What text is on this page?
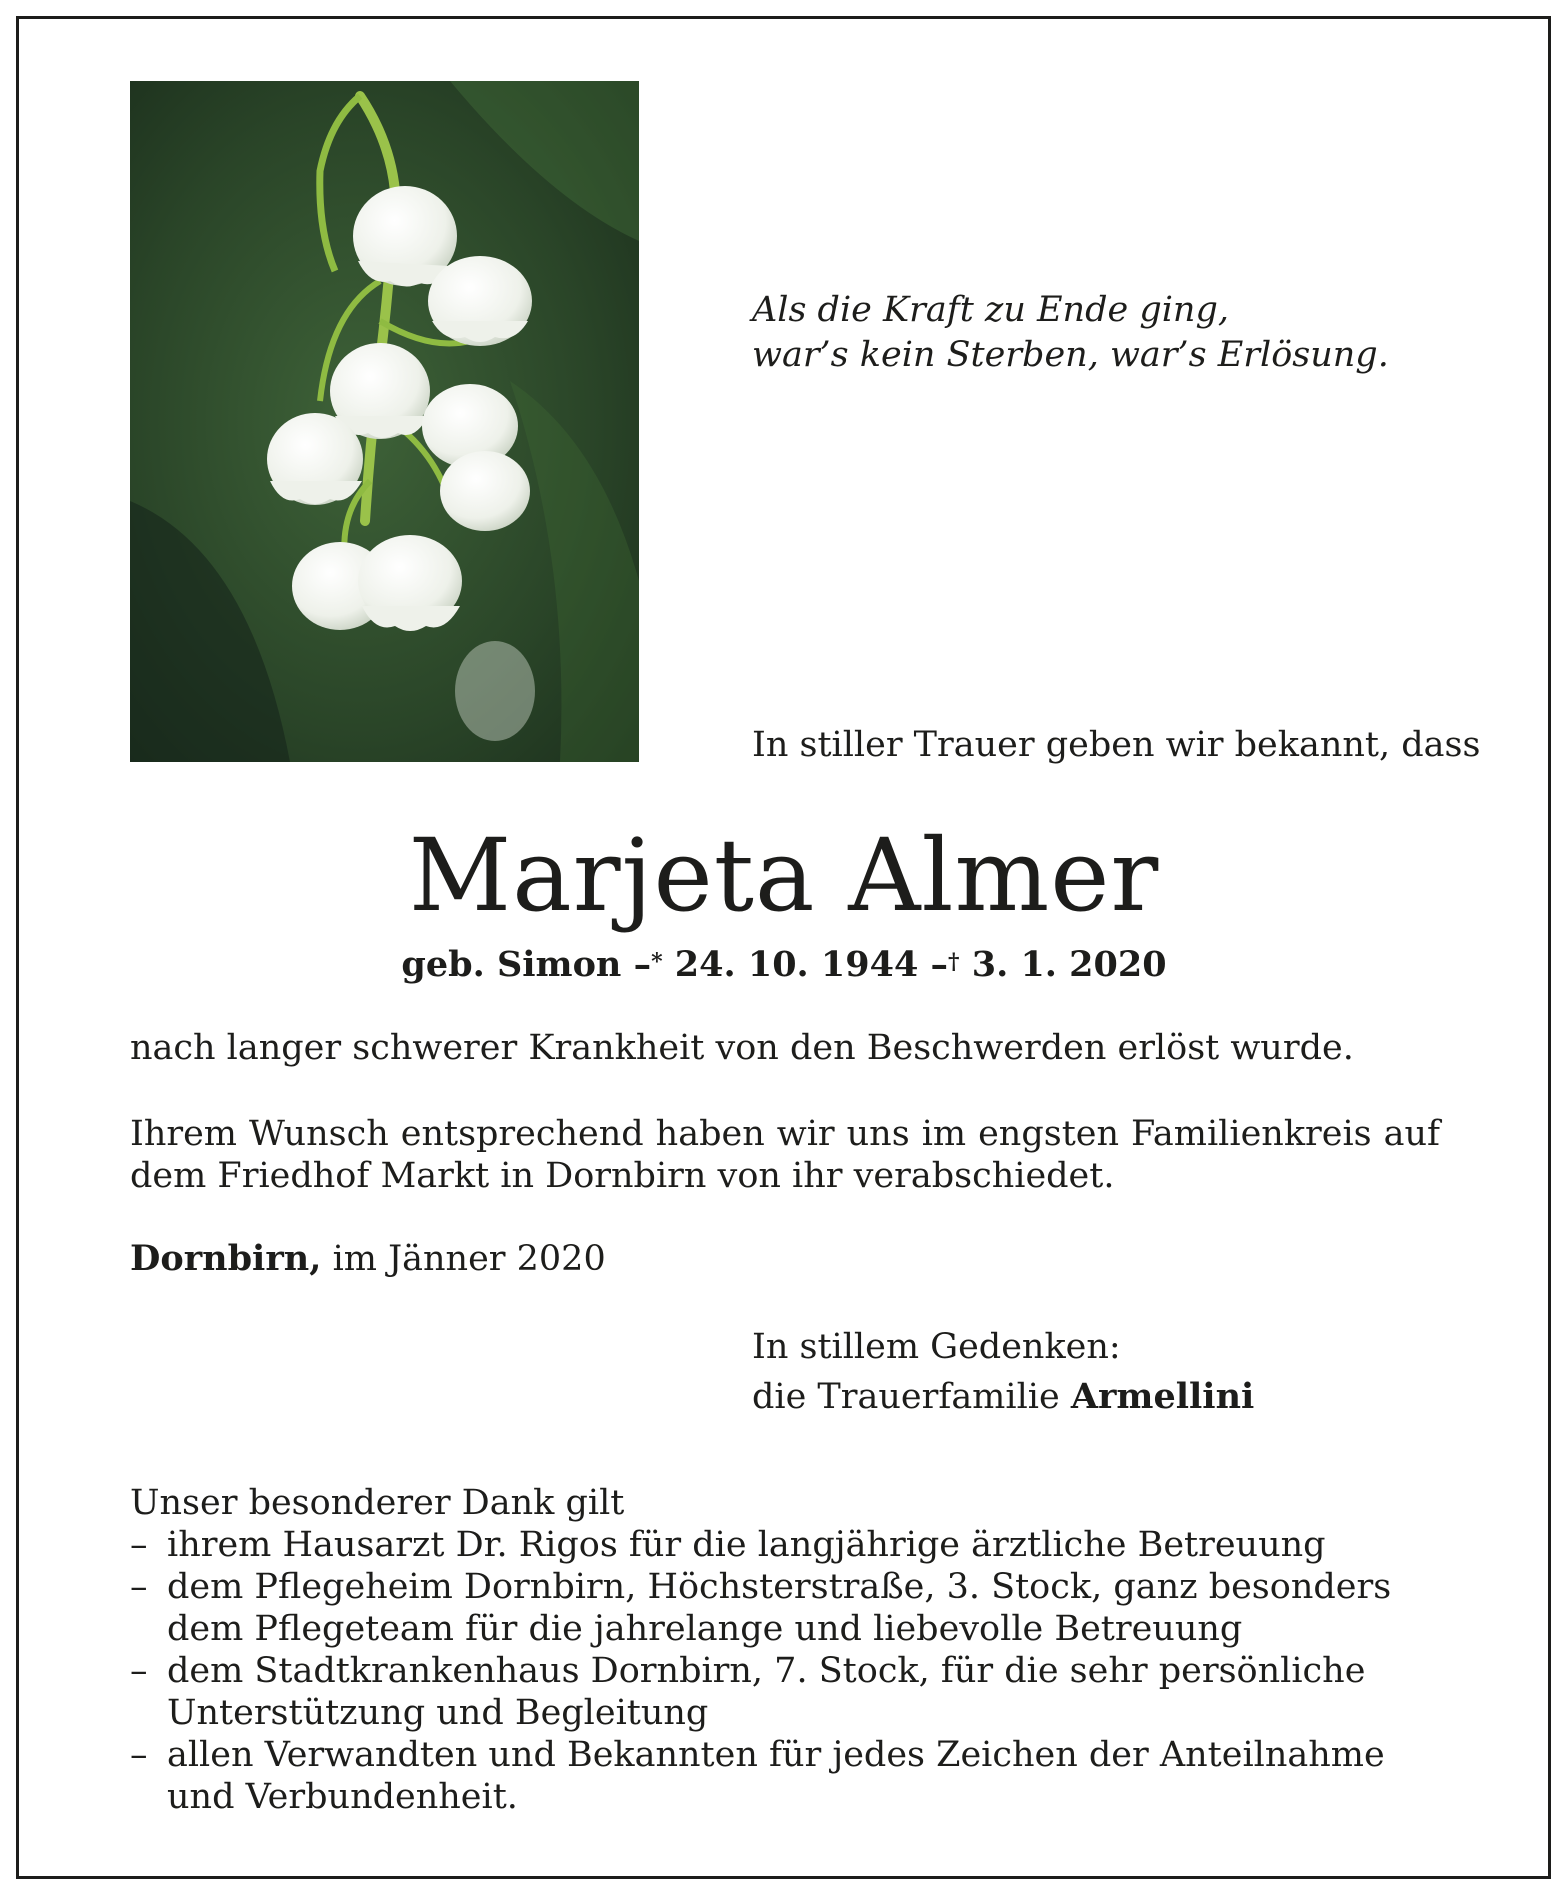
Als die Kraft zu Ende ging,
war’s kein Sterben, war’s Erlösung.
In stiller Trauer geben wir bekannt, dass
Marjeta Almer
geb. Simon –* 24. 10. 1944 –† 3. 1. 2020
nach langer schwerer Krankheit von den Beschwerden erlöst wurde.
Ihrem Wunsch entsprechend haben wir uns im engsten Familienkreis auf dem Friedhof Markt in Dornbirn von ihr verabschiedet.
Dornbirn, im Jänner 2020
In stillem Gedenken:
die Trauerfamilie Armellini
Unser besonderer Dank gilt
– ihrem Hausarzt Dr. Rigos für die langjährige ärztliche Betreuung
– dem Pflegeheim Dornbirn, Höchsterstraße, 3. Stock, ganz besonders dem Pflegeteam für die jahrelange und liebevolle Betreuung
– dem Stadtkrankenhaus Dornbirn, 7. Stock, für die sehr persönliche Unterstützung und Begleitung
– allen Verwandten und Bekannten für jedes Zeichen der Anteilnahme und Verbundenheit.
